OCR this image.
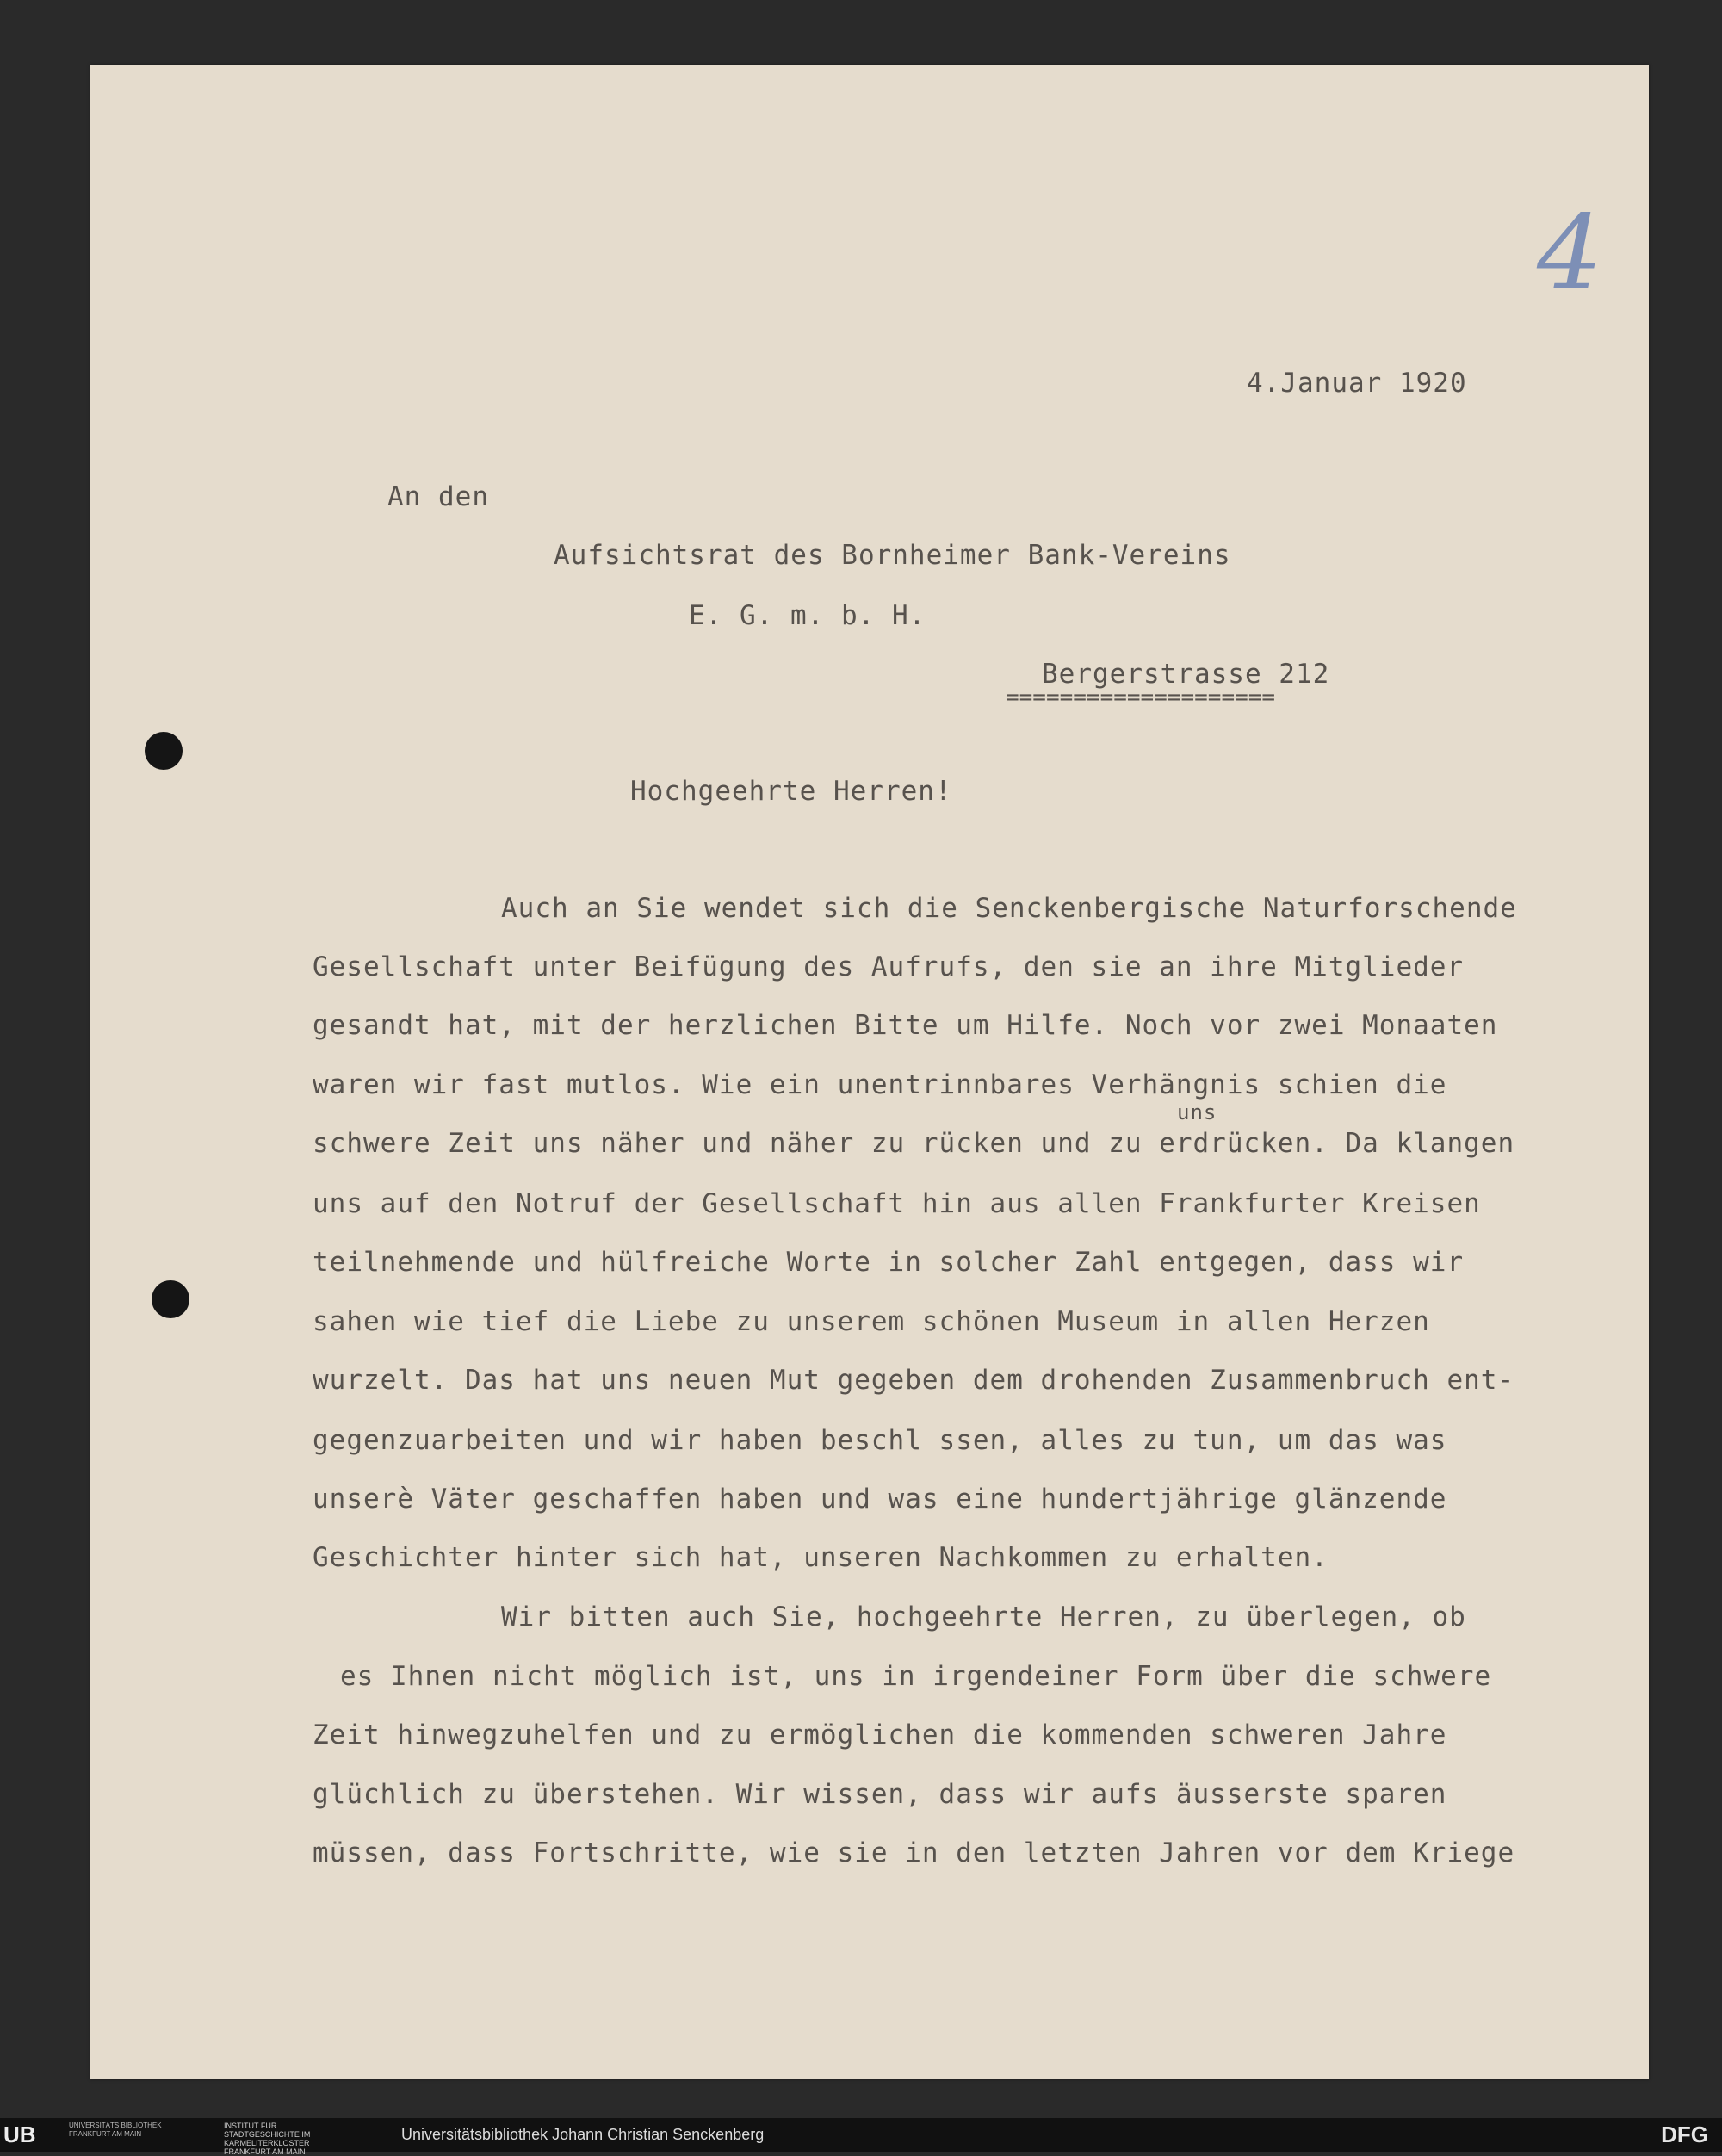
4
4.Januar 1920
An den
Aufsichtsrat des Bornheimer Bank-Vereins
E. G. m. b. H.
Bergerstrasse 212
====================
Hochgeehrte Herren!
Auch an Sie wendet sich die Senckenbergische Naturforschende
Gesellschaft unter Beifügung des Aufrufs, den sie an ihre Mitglieder
gesandt hat, mit der herzlichen Bitte um Hilfe. Noch vor zwei Monaaten
waren wir fast mutlos. Wie ein unentrinnbares Verhängnis schien die
uns
schwere Zeit uns näher und näher zu rücken und zu erdrücken. Da klangen
uns auf den Notruf der Gesellschaft hin aus allen Frankfurter Kreisen
teilnehmende und hülfreiche Worte in solcher Zahl entgegen, dass wir
sahen wie tief die Liebe zu unserem schönen Museum in allen Herzen
wurzelt. Das hat uns neuen Mut gegeben dem drohenden Zusammenbruch ent-
gegenzuarbeiten und wir haben beschl ssen, alles zu tun, um das was
unserè Väter geschaffen haben und was eine hundertjährige glänzende
Geschichter hinter sich hat, unseren Nachkommen zu erhalten.
Wir bitten auch Sie, hochgeehrte Herren, zu überlegen, ob
es Ihnen nicht möglich ist, uns in irgendeiner Form über die schwere
Zeit hinwegzuhelfen und zu ermöglichen die kommenden schweren Jahre
glüchlich zu überstehen. Wir wissen, dass wir aufs äusserste sparen
müssen, dass Fortschritte, wie sie in den letzten Jahren vor dem Kriege
UB	UNIVERSITÄTS BIBLIOTHEK FRANKFURT AM MAIN
INSTITUT FÜR STADTGESCHICHTE IM KARMELITERKLOSTER FRANKFURT AM MAIN
Universitätsbibliothek Johann Christian Senckenberg	DFG
